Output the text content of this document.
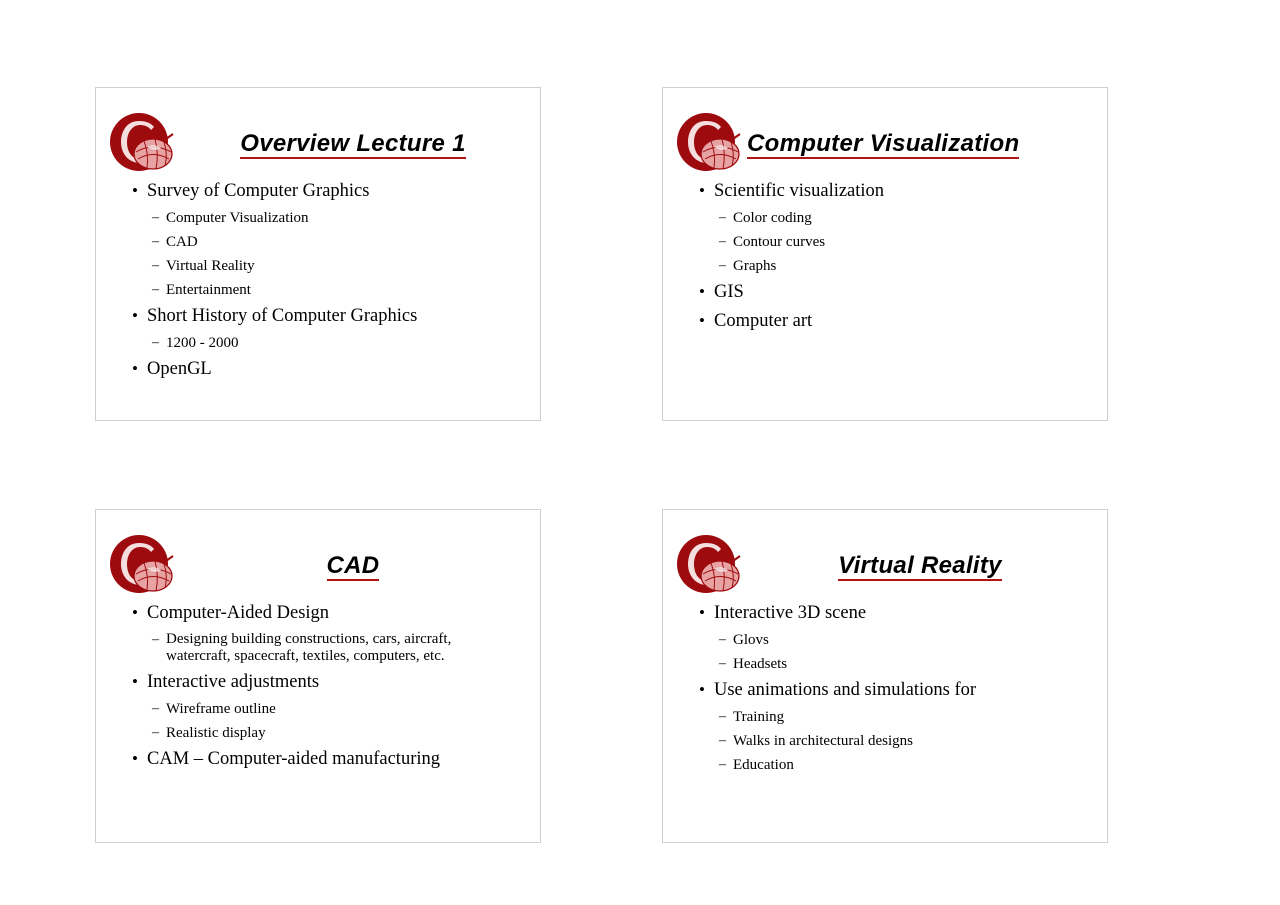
Overview Lecture 1
• Survey of Computer Graphics
– Computer Visualization
– CAD
– Virtual Reality
– Entertainment
• Short History of Computer Graphics
– 1200 - 2000
• OpenGL
Computer Visualization
• Scientific visualization
– Color coding
– Contour curves
– Graphs
• GIS
• Computer art
CAD
• Computer-Aided Design
– Designing building constructions, cars, aircraft, watercraft, spacecraft, textiles, computers, etc.
• Interactive adjustments
– Wireframe outline
– Realistic display
• CAM – Computer-aided manufacturing
Virtual Reality
• Interactive 3D scene
– Glovs
– Headsets
• Use animations and simulations for
– Training
– Walks in architectural designs
– Education
